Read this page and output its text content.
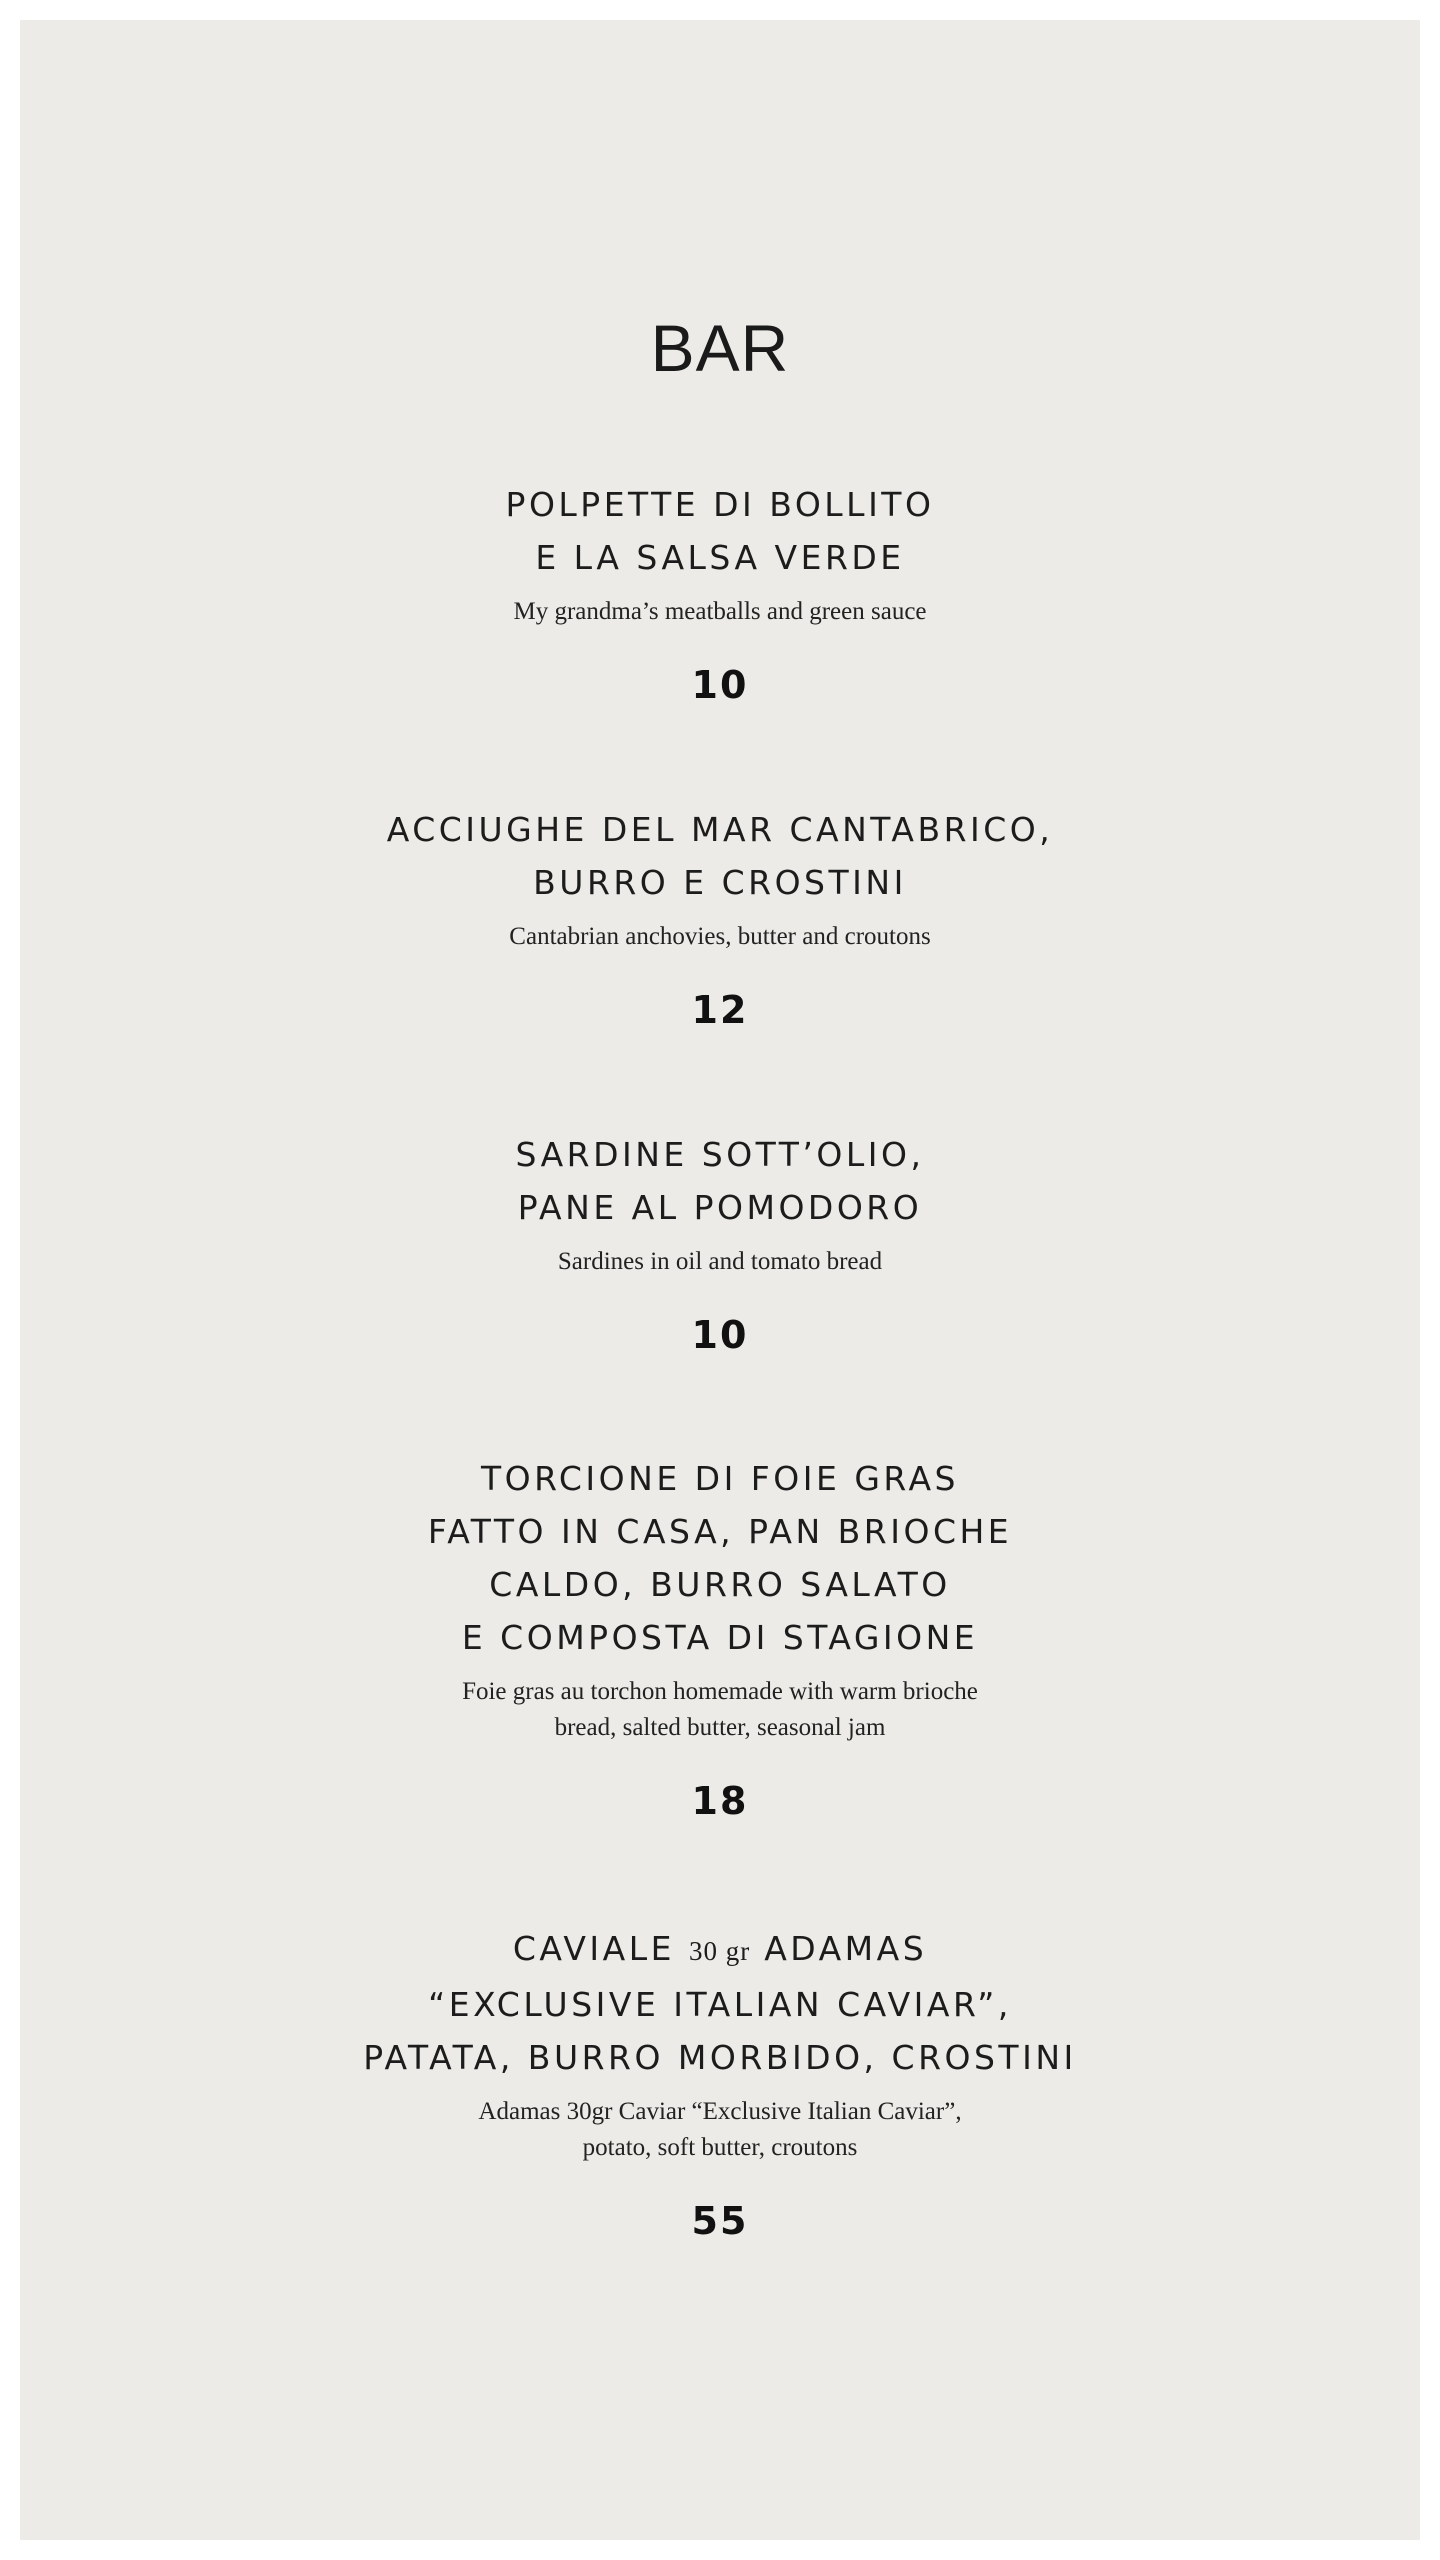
BAR
POLPETTE DI BOLLITO
E LA SALSA VERDE
My grandma’s meatballs and green sauce
10
ACCIUGHE DEL MAR CANTABRICO,
BURRO E CROSTINI
Cantabrian anchovies, butter and croutons
12
SARDINE SOTT’OLIO,
PANE AL POMODORO
Sardines in oil and tomato bread
10
TORCIONE DI FOIE GRAS
FATTO IN CASA, PAN BRIOCHE
CALDO, BURRO SALATO
E COMPOSTA DI STAGIONE
Foie gras au torchon homemade with warm brioche
bread, salted butter, seasonal jam
18
CAVIALE 30 gr ADAMAS
“EXCLUSIVE ITALIAN CAVIAR”,
PATATA, BURRO MORBIDO, CROSTINI
Adamas 30gr Caviar “Exclusive Italian Caviar”,
potato, soft butter, croutons
55
